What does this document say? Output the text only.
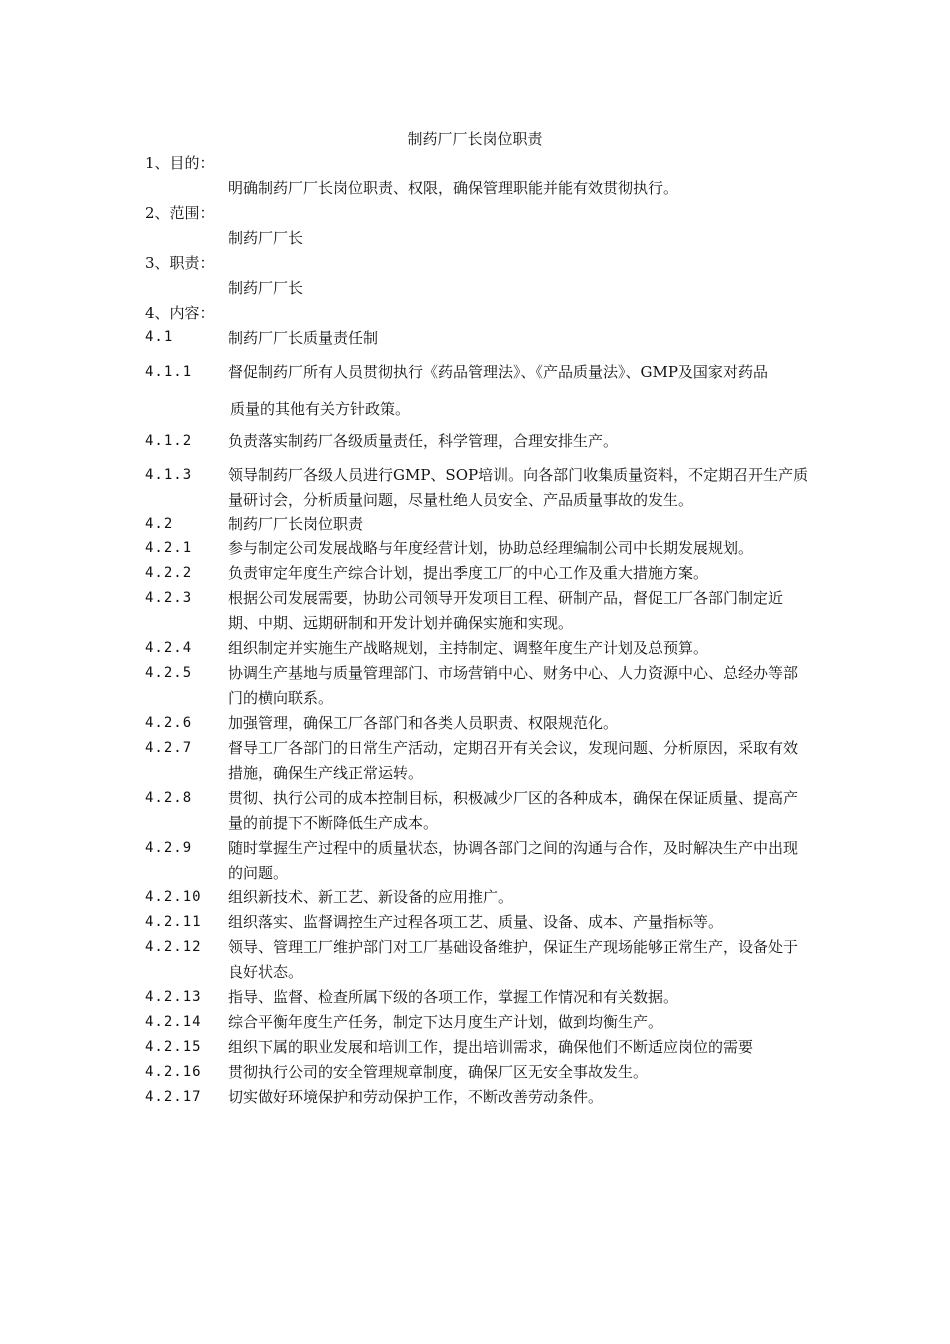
制药厂厂长岗位职责
1、目的：
明确制药厂厂长岗位职责、权限，确保管理职能并能有效贯彻执行。
2、范围：
制药厂厂长
3、职责：
制药厂厂长
4、内容：
4.1	制药厂厂长质量责任制
4.1.1 督促制药厂所有人员贯彻执行《药品管理法》、《产品质量法》、GMP及国家对药品
质量的其他有关方针政策。
4.1.2 负责落实制药厂各级质量责任，科学管理，合理安排生产。
4.1.3 领导制药厂各级人员进行GMP、SOP培训。向各部门收集质量资料，不定期召开生产质量研讨会，分析质量问题，尽量杜绝人员安全、产品质量事故的发生。
4.2	制药厂厂长岗位职责
4.2.1 参与制定公司发展战略与年度经营计划，协助总经理编制公司中长期发展规划。
4.2.2 负责审定年度生产综合计划，提出季度工厂的中心工作及重大措施方案。
4.2.3 根据公司发展需要，协助公司领导开发项目工程、研制产品，督促工厂各部门制定近期、中期、远期研制和开发计划并确保实施和实现。
4.2.4 组织制定并实施生产战略规划，主持制定、调整年度生产计划及总预算。
4.2.5 协调生产基地与质量管理部门、市场营销中心、财务中心、人力资源中心、总经办等部门的横向联系。
4.2.6 加强管理，确保工厂各部门和各类人员职责、权限规范化。
4.2.7 督导工厂各部门的日常生产活动，定期召开有关会议，发现问题、分析原因，采取有效措施，确保生产线正常运转。
4.2.8 贯彻、执行公司的成本控制目标，积极减少厂区的各种成本，确保在保证质量、提高产量的前提下不断降低生产成本。
4.2.9 随时掌握生产过程中的质量状态，协调各部门之间的沟通与合作，及时解决生产中出现的问题。
4.2.10 组织新技术、新工艺、新设备的应用推广。
4.2.11 组织落实、监督调控生产过程各项工艺、质量、设备、成本、产量指标等。
4.2.12 领导、管理工厂维护部门对工厂基础设备维护，保证生产现场能够正常生产，设备处于良好状态。
4.2.13 指导、监督、检查所属下级的各项工作，掌握工作情况和有关数据。
4.2.14 综合平衡年度生产任务，制定下达月度生产计划，做到均衡生产。
4.2.15 组织下属的职业发展和培训工作，提出培训需求，确保他们不断适应岗位的需要
4.2.16 贯彻执行公司的安全管理规章制度，确保厂区无安全事故发生。
4.2.17 切实做好环境保护和劳动保护工作，不断改善劳动条件。
